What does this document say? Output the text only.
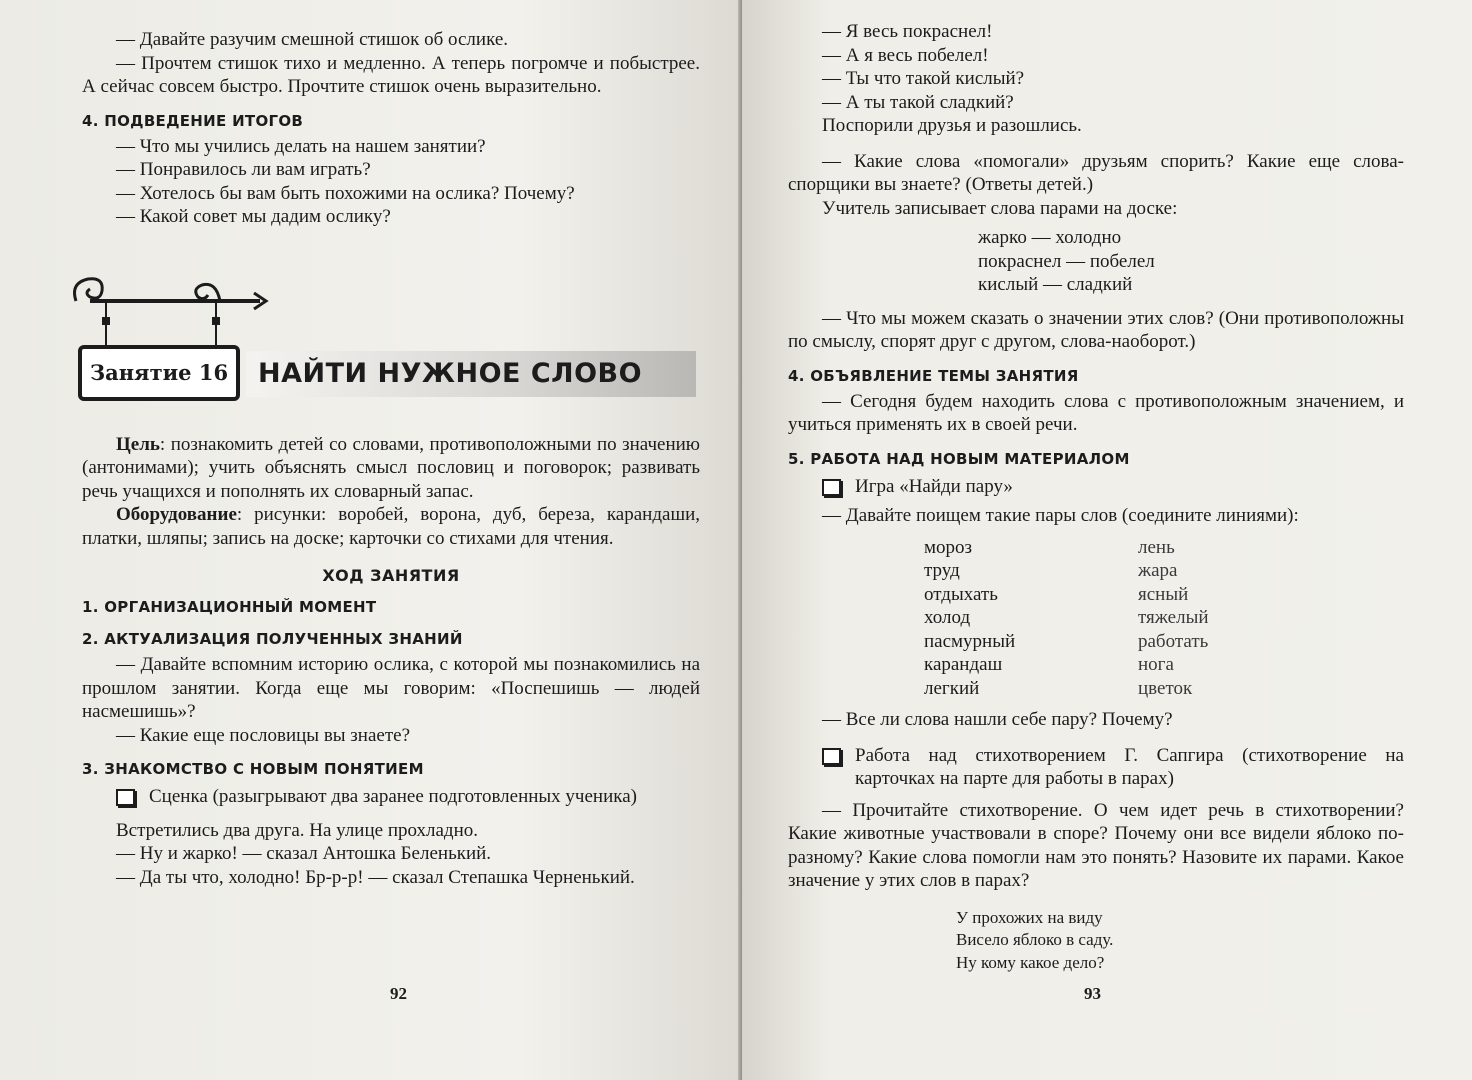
— Давайте разучим смешной стишок об ослике.

— Прочтем стишок тихо и медленно. А теперь погромче и побыстрее. А сейчас совсем быстро. Прочтите стишок очень выразительно.

4. ПОДВЕДЕНИЕ ИТОГОВ

— Что мы учились делать на нашем занятии?

— Понравилось ли вам играть?

— Хотелось бы вам быть похожими на ослика? Почему?

— Какой совет мы дадим ослику?

Занятие 16 НАЙТИ НУЖНОЕ СЛОВО

Цель: познакомить детей со словами, противоположными по значению (антонимами); учить объяснять смысл пословиц и поговорок; развивать речь учащихся и пополнять их словарный запас.

Оборудование: рисунки: воробей, ворона, дуб, береза, карандаши, платки, шляпы; запись на доске; карточки со стихами для чтения.

ХОД ЗАНЯТИЯ
1. ОРГАНИЗАЦИОННЫЙ МОМЕНТ
2. АКТУАЛИЗАЦИЯ ПОЛУЧЕННЫХ ЗНАНИЙ

— Давайте вспомним историю ослика, с которой мы познакомились на прошлом занятии. Когда еще мы говорим: «Поспешишь — людей насмешишь»?

— Какие еще пословицы вы знаете?

3. ЗНАКОМСТВО С НОВЫМ ПОНЯТИЕМ

Сценка (разыгрывают два заранее подготовленных ученика)

Встретились два друга. На улице прохладно.

— Ну и жарко! — сказал Антошка Беленький.

— Да ты что, холодно! Бр-р-р! — сказал Степашка Черненький.

92

— Я весь покраснел!

— А я весь побелел!

— Ты что такой кислый?

— А ты такой сладкий?

Поспорили друзья и разошлись.

— Какие слова «помогали» друзьям спорить? Какие еще слова-спорщики вы знаете? (Ответы детей.)

Учитель записывает слова парами на доске:

жарко — холодно

покраснел — побелел

кислый — сладкий

— Что мы можем сказать о значении этих слов? (Они противоположны по смыслу, спорят друг с другом, слова-наоборот.)

4. ОБЪЯВЛЕНИЕ ТЕМЫ ЗАНЯТИЯ

— Сегодня будем находить слова с противоположным значением, и учиться применять их в своей речи.

5. РАБОТА НАД НОВЫМ МАТЕРИАЛОМ

Игра «Найди пару»

— Давайте поищем такие пары слов (соедините линиями):

мороз	лень
труд	жара
отдыхать	ясный
холод	тяжелый
пасмурный	работать
карандаш	нога
легкий	цветок

— Все ли слова нашли себе пару? Почему?

Работа над стихотворением Г. Сапгира (стихотворение на карточках на парте для работы в парах)

— Прочитайте стихотворение. О чем идет речь в стихотворении? Какие животные участвовали в споре? Почему они все видели яблоко по-разному? Какие слова помогли нам это понять? Назовите их парами. Какое значение у этих слов в парах?

У прохожих на виду

Висело яблоко в саду.

Ну кому какое дело?

93
